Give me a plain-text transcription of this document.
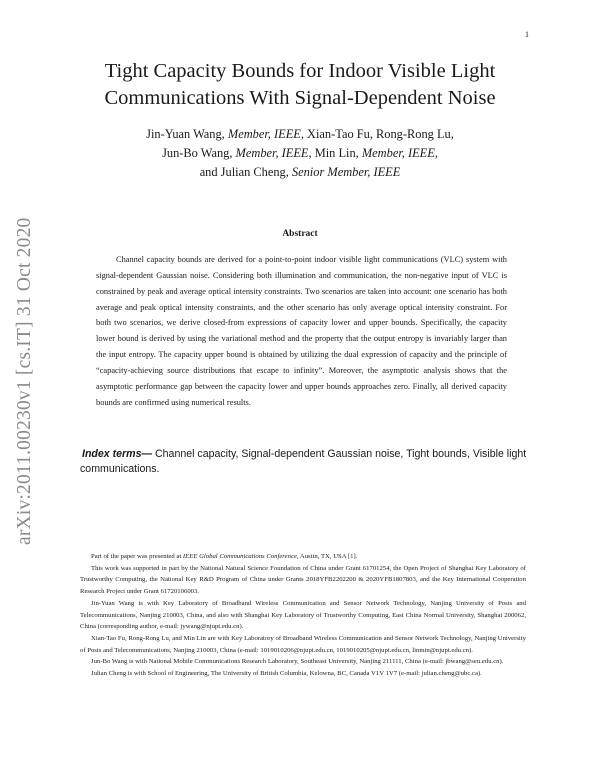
1
arXiv:2011.00230v1 [cs.IT] 31 Oct 2020
Tight Capacity Bounds for Indoor Visible Light
Communications With Signal-Dependent Noise
Jin-Yuan Wang, Member, IEEE, Xian-Tao Fu, Rong-Rong Lu,
Jun-Bo Wang, Member, IEEE, Min Lin, Member, IEEE,
and Julian Cheng, Senior Member, IEEE
Abstract

Channel capacity bounds are derived for a point-to-point indoor visible light communications (VLC) system with signal-dependent Gaussian noise. Considering both illumination and communication, the non-negative input of VLC is constrained by peak and average optical intensity constraints. Two scenarios are taken into account: one scenario has both average and peak optical intensity constraints, and the other scenario has only average optical intensity constraint. For both two scenarios, we derive closed-from expressions of capacity lower and upper bounds. Specifically, the capacity lower bound is derived by using the variational method and the property that the output entropy is invariably larger than the input entropy. The capacity upper bound is obtained by utilizing the dual expression of capacity and the principle of “capacity-achieving source distributions that escape to infinity”. Moreover, the asymptotic analysis shows that the asymptotic performance gap between the capacity lower and upper bounds approaches zero. Finally, all derived capacity bounds are confirmed using numerical results.

Index terms— Channel capacity, Signal-dependent Gaussian noise, Tight bounds, Visible light communications.

Part of the paper was presented at IEEE Global Communications Conference, Austin, TX, USA [1].

This work was supported in part by the National Natural Science Foundation of China under Grant 61701254, the Open Project of Shanghai Key Laboratory of Trustworthy Computing, the National Key R&D Program of China under Grants 2018YFB2202200 & 2020YFB1807803, and the Key International Cooperation Research Project under Grant 61720106003.

Jin-Yuan Wang is with Key Laboratory of Broadband Wireless Communication and Sensor Network Technology, Nanjing University of Posts and Telecommunications, Nanjing 210003, China, and also with Shanghai Key Laboratory of Trustworthy Computing, East China Normal University, Shanghai 200062, China (corresponding author, e-mail: jywang@njupt.edu.cn).

Xian-Tao Fu, Rong-Rong Lu, and Min Lin are with Key Laboratory of Broadband Wireless Communication and Sensor Network Technology, Nanjing University of Posts and Telecommunications, Nanjing 210003, China (e-mail: 1019010206@njupt.edu.cn, 1019010205@njupt.edu.cn, linmin@njupt.edu.cn).

Jun-Bo Wang is with National Mobile Communications Research Laboratory, Southeast University, Nanjing 211111, China (e-mail: jbwang@seu.edu.cn).

Julian Cheng is with School of Engineering, The University of British Columbia, Kelowna, BC, Canada V1V 1V7 (e-mail: julian.cheng@ubc.ca).
